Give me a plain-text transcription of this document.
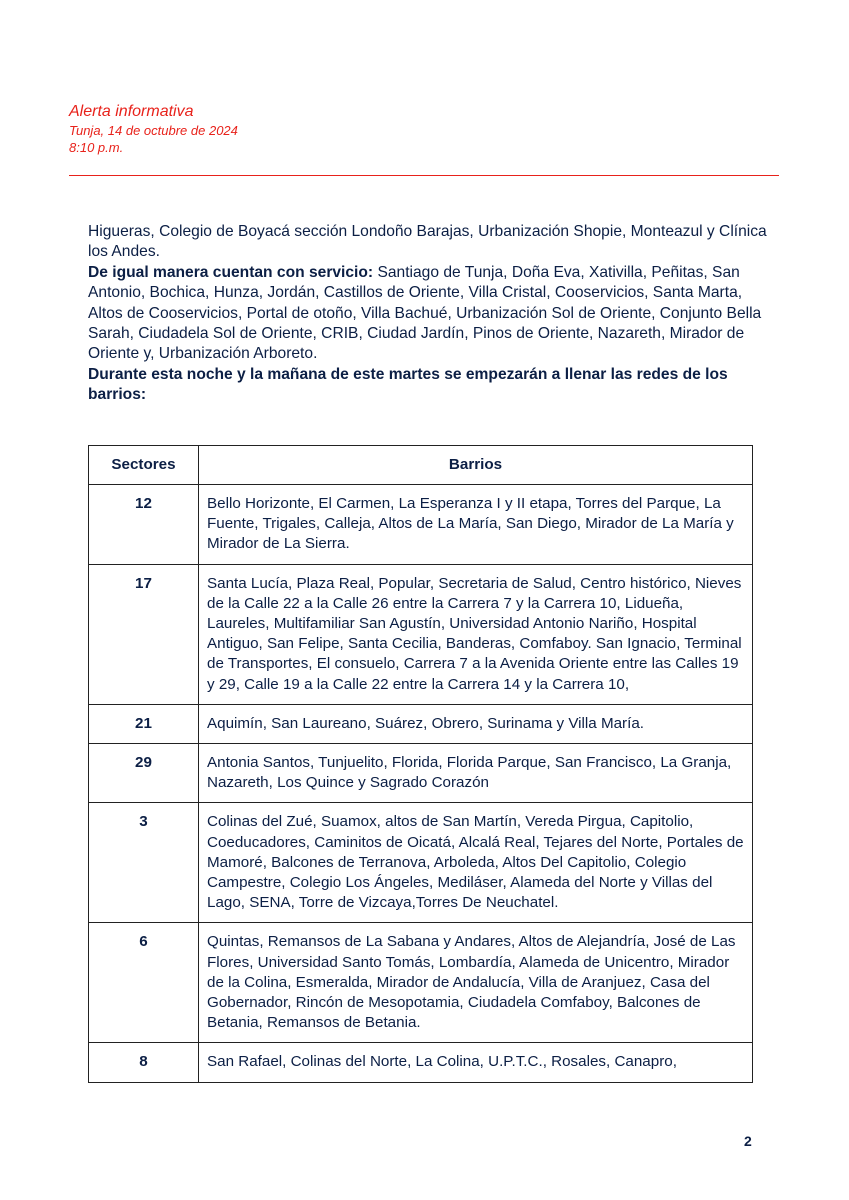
Alerta informativa
Tunja, 14 de octubre de 2024
8:10 p.m.

Higueras, Colegio de Boyacá sección Londoño Barajas, Urbanización Shopie, Monteazul y Clínica los Andes.

De igual manera cuentan con servicio: Santiago de Tunja, Doña Eva, Xativilla, Peñitas, San Antonio, Bochica, Hunza, Jordán, Castillos de Oriente, Villa Cristal, Cooservicios, Santa Marta, Altos de Cooservicios, Portal de otoño, Villa Bachué, Urbanización Sol de Oriente, Conjunto Bella Sarah, Ciudadela Sol de Oriente, CRIB, Ciudad Jardín, Pinos de Oriente, Nazareth, Mirador de Oriente y, Urbanización Arboreto.

Durante esta noche y la mañana de este martes se empezarán a llenar las redes de los barrios:

Sectores	Barrios
12	Bello Horizonte, El Carmen, La Esperanza I y II etapa, Torres del Parque, La Fuente, Trigales, Calleja, Altos de La María, San Diego, Mirador de La María y Mirador de La Sierra.
17	Santa Lucía, Plaza Real, Popular, Secretaria de Salud, Centro histórico, Nieves de la Calle 22 a la Calle 26 entre la Carrera 7 y la Carrera 10, Lidueña, Laureles, Multifamiliar San Agustín, Universidad Antonio Nariño, Hospital Antiguo, San Felipe, Santa Cecilia, Banderas, Comfaboy. San Ignacio, Terminal de Transportes, El consuelo, Carrera 7 a la Avenida Oriente entre las Calles 19 y 29, Calle 19 a la Calle 22 entre la Carrera 14 y la Carrera 10,
21	Aquimín, San Laureano, Suárez, Obrero, Surinama y Villa María.
29	Antonia Santos, Tunjuelito, Florida, Florida Parque, San Francisco, La Granja, Nazareth, Los Quince y Sagrado Corazón
3	Colinas del Zué, Suamox, altos de San Martín, Vereda Pirgua, Capitolio, Coeducadores, Caminitos de Oicatá, Alcalá Real, Tejares del Norte, Portales de Mamoré, Balcones de Terranova, Arboleda, Altos Del Capitolio, Colegio Campestre, Colegio Los Ángeles, Mediláser, Alameda del Norte y Villas del Lago, SENA, Torre de Vizcaya,Torres De Neuchatel.
6	Quintas, Remansos de La Sabana y Andares, Altos de Alejandría, José de Las Flores, Universidad Santo Tomás, Lombardía, Alameda de Unicentro, Mirador de la Colina, Esmeralda, Mirador de Andalucía, Villa de Aranjuez, Casa del Gobernador, Rincón de Mesopotamia, Ciudadela Comfaboy, Balcones de Betania, Remansos de Betania.
8	San Rafael, Colinas del Norte, La Colina, U.P.T.C., Rosales, Canapro,
2
